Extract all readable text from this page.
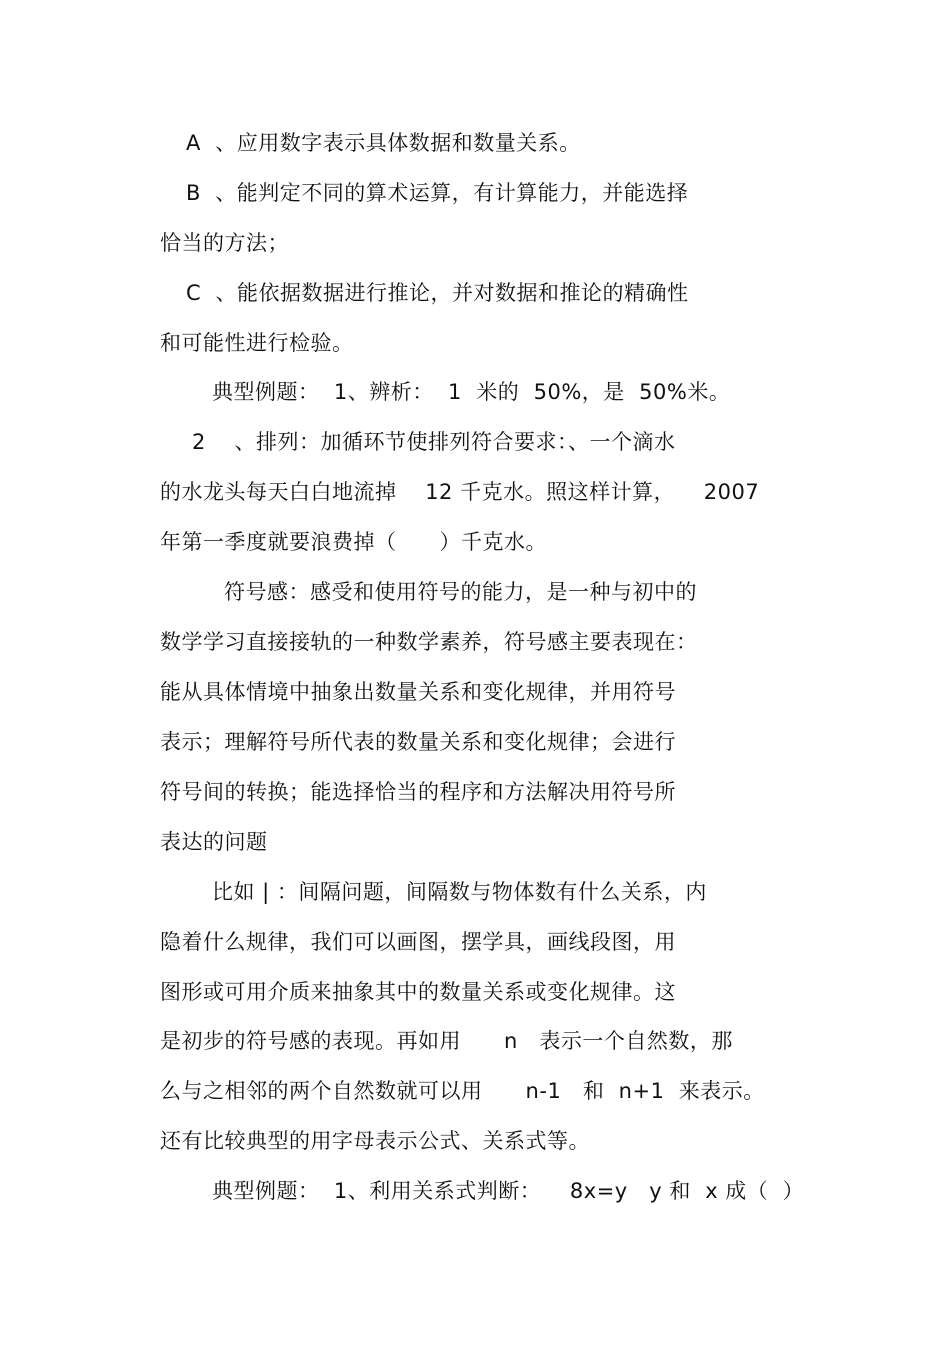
A  、应用数字表示具体数据和数量关系。
B  、能判定不同的算术运算，有计算能力，并能选择
恰当的方法；
C  、能依据数据进行推论，并对数据和推论的精确性
和可能性进行检验。
典型例题：  1、辨析：  1  米的  50%，是  50%米。
2    、排列：加循环节使排列符合要求：、一个滴水
的水龙头每天白白地流掉    12 千克水。照这样计算，    2007
年第一季度就要浪费掉（      ）千克水。
符号感：感受和使用符号的能力，是一种与初中的
数学学习直接接轨的一种数学素养，符号感主要表现在：
能从具体情境中抽象出数量关系和变化规律，并用符号
表示；理解符号所代表的数量关系和变化规律；会进行
符号间的转换；能选择恰当的程序和方法解决用符号所
表达的问题
比如 | ：间隔问题，间隔数与物体数有什么关系，内
隐着什么规律，我们可以画图，摆学具，画线段图，用
图形或可用介质来抽象其中的数量关系或变化规律。这
是初步的符号感的表现。再如用      n   表示一个自然数，那
么与之相邻的两个自然数就可以用      n-1   和  n+1  来表示。
还有比较典型的用字母表示公式、关系式等。
典型例题：  1、利用关系式判断：    8x=y   y 和  x 成（  ）
